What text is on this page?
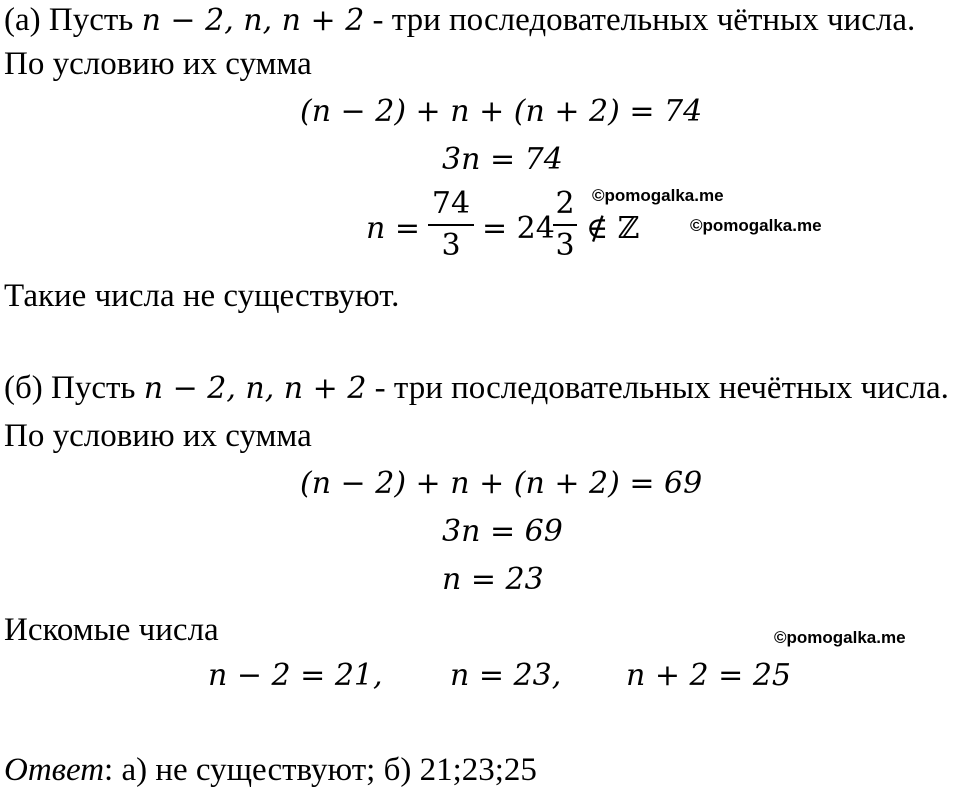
(а) Пусть n − 2, n, n + 2 - три последовательных чётных числа.
По условию их сумма
(n − 2) + n + (n + 2) = 74
3n = 74
n =
74
3 = 24
2
3 ∉ ℤ
©pomogalka.me
©pomogalka.me
Такие числа не существуют.
(б) Пусть n − 2, n, n + 2 - три последовательных нечётных числа.
По условию их сумма
(n − 2) + n + (n + 2) = 69
3n = 69
n = 23
Искомые числа	©pomogalka.me
n − 2 = 21, n = 23, n + 2 = 25
Ответ: а) не существуют; б) 21;23;25
